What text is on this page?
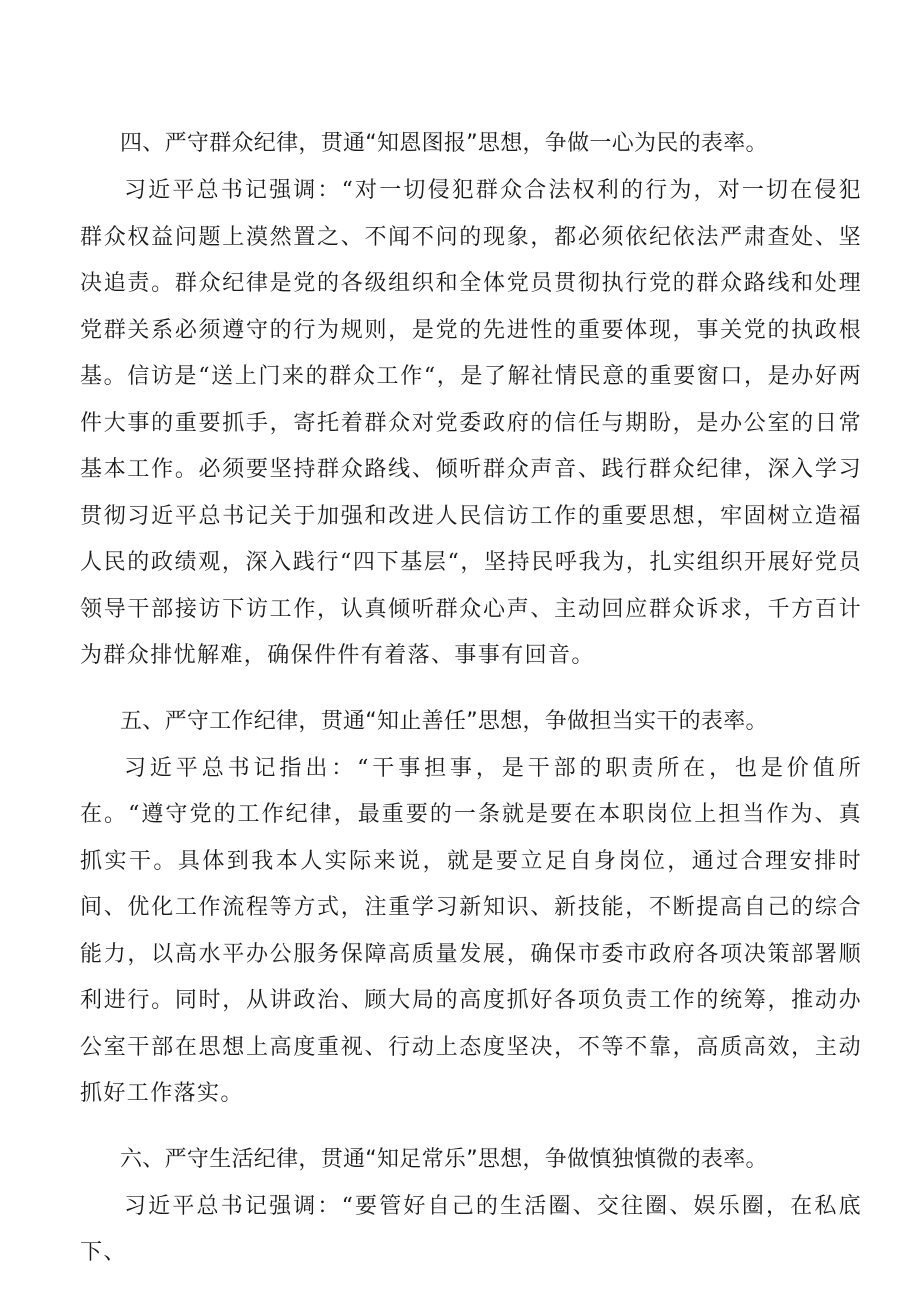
四、严守群众纪律，贯通“知恩图报”思想，争做一心为民的表率。

习近平总书记强调：“对一切侵犯群众合法权利的行为，对一切在侵犯群众权益问题上漠然置之、不闻不问的现象，都必须依纪依法严肃查处、坚决追责。群众纪律是党的各级组织和全体党员贯彻执行党的群众路线和处理党群关系必须遵守的行为规则，是党的先进性的重要体现，事关党的执政根基。信访是“送上门来的群众工作“，是了解社情民意的重要窗口，是办好两件大事的重要抓手，寄托着群众对党委政府的信任与期盼，是办公室的日常基本工作。必须要坚持群众路线、倾听群众声音、践行群众纪律，深入学习贯彻习近平总书记关于加强和改进人民信访工作的重要思想，牢固树立造福人民的政绩观，深入践行“四下基层“，坚持民呼我为，扎实组织开展好党员领导干部接访下访工作，认真倾听群众心声、主动回应群众诉求，千方百计为群众排忧解难，确保件件有着落、事事有回音。

五、严守工作纪律，贯通“知止善任”思想，争做担当实干的表率。

习近平总书记指出：“干事担事，是干部的职责所在，也是价值所在。“遵守党的工作纪律，最重要的一条就是要在本职岗位上担当作为、真抓实干。具体到我本人实际来说，就是要立足自身岗位，通过合理安排时间、优化工作流程等方式，注重学习新知识、新技能，不断提高自己的综合能力，以高水平办公服务保障高质量发展，确保市委市政府各项决策部署顺利进行。同时，从讲政治、顾大局的高度抓好各项负责工作的统筹，推动办公室干部在思想上高度重视、行动上态度坚决，不等不靠，高质高效，主动抓好工作落实。

六、严守生活纪律，贯通“知足常乐”思想，争做慎独慎微的表率。

习近平总书记强调：“要管好自己的生活圈、交往圈、娱乐圈，在私底下、
